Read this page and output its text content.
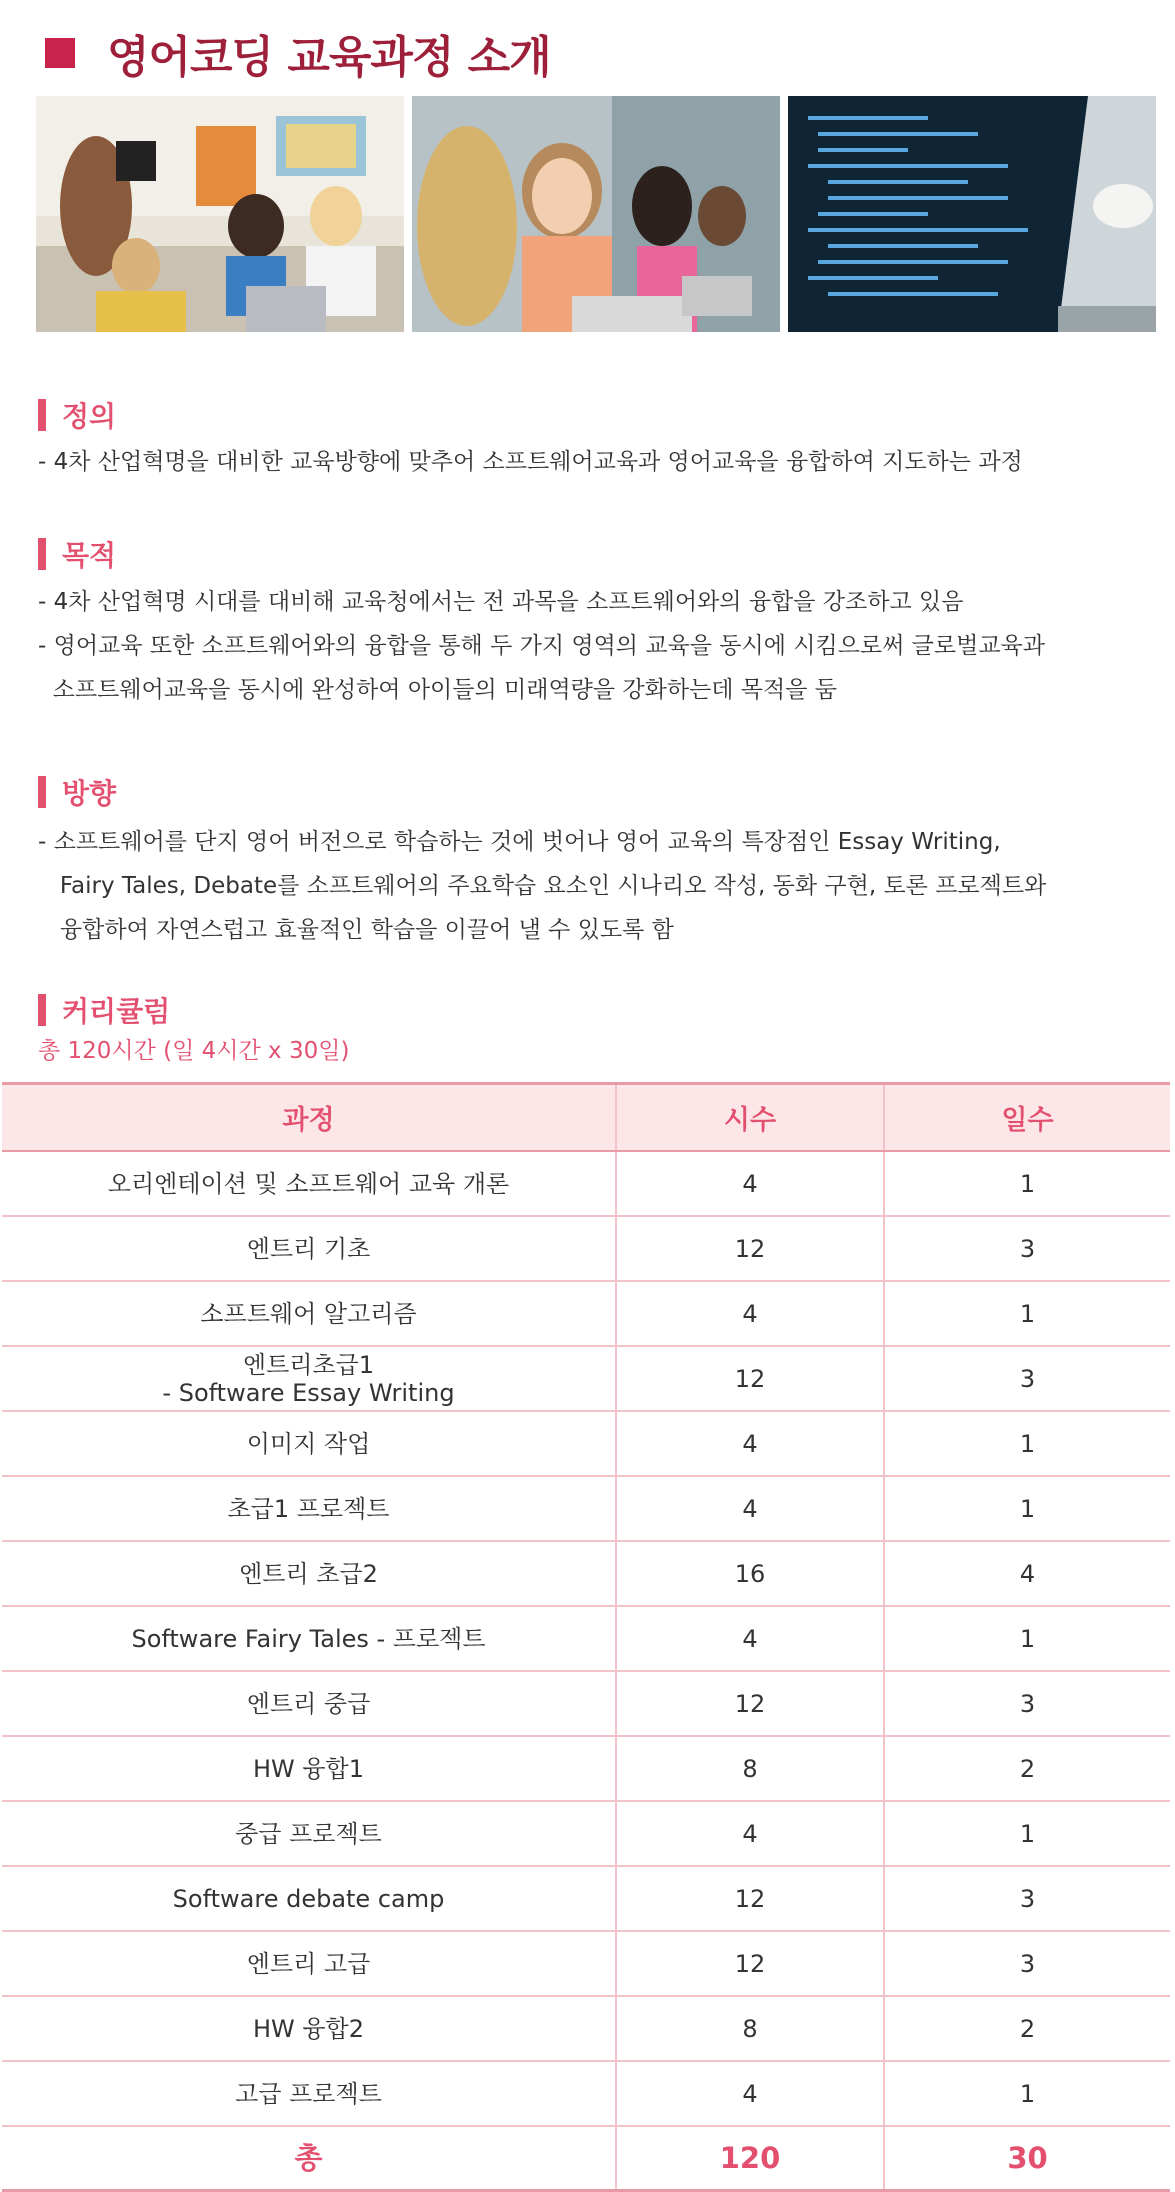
영어코딩 교육과정 소개
정의
- 4차 산업혁명을 대비한 교육방향에 맞추어 소프트웨어교육과 영어교육을 융합하여 지도하는 과정
목적
- 4차 산업혁명 시대를 대비해 교육청에서는 전 과목을 소프트웨어와의 융합을 강조하고 있음
- 영어교육 또한 소프트웨어와의 융합을 통해 두 가지 영역의 교육을 동시에 시킴으로써 글로벌교육과
소프트웨어교육을 동시에 완성하여 아이들의 미래역량을 강화하는데 목적을 둠
방향
- 소프트웨어를 단지 영어 버전으로 학습하는 것에 벗어나 영어 교육의 특장점인 Essay Writing,
Fairy Tales, Debate를 소프트웨어의 주요학습 요소인 시나리오 작성, 동화 구현, 토론 프로젝트와
융합하여 자연스럽고 효율적인 학습을 이끌어 낼 수 있도록 함
커리큘럼
총 120시간 (일 4시간 x 30일)
과정	시수	일수
오리엔테이션 및 소프트웨어 교육 개론	4	1
엔트리 기초	12	3
소프트웨어 알고리즘	4	1
엔트리초급1
- Software Essay Writing	12	3
이미지 작업	4	1
초급1 프로젝트	4	1
엔트리 초급2	16	4
Software Fairy Tales - 프로젝트	4	1
엔트리 중급	12	3
HW 융합1	8	2
중급 프로젝트	4	1
Software debate camp	12	3
엔트리 고급	12	3
HW 융합2	8	2
고급 프로젝트	4	1
총	120	30
